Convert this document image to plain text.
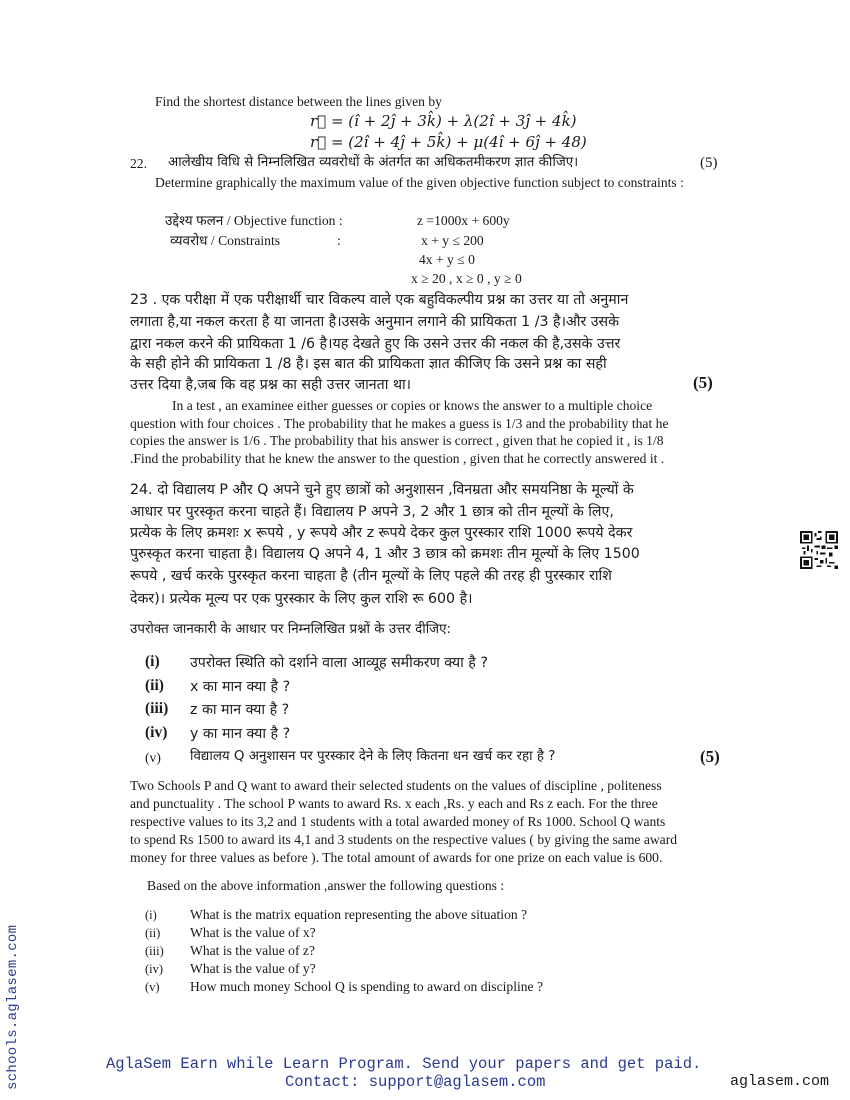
Find the shortest distance between the lines given by
r⃗ = (î + 2ĵ + 3k̂) + λ(2î + 3ĵ + 4k̂)
r⃗ = (2î + 4ĵ + 5k̂) + μ(4î + 6ĵ + 48)
22. आलेखीय विधि से निम्नलिखित व्यवरोधों के अंतर्गत का अधिकतमीकरण ज्ञात कीजिए।	(5)
Determine graphically the maximum value of the given objective function subject to constraints :
उद्देश्य फलन / Objective function :	z =1000x + 600y
व्यवरोध / Constraints	:	x + y ≤ 200
4x + y ≤ 0
x ≥ 20 , x ≥ 0 , y ≥ 0
23 . एक परीक्षा में एक परीक्षार्थी चार विकल्प वाले एक बहुविकल्पीय प्रश्न का उत्तर या तो अनुमान
लगाता है,या नकल करता है या जानता है।उसके अनुमान लगाने की प्रायिकता 1 /3 है।और उसके
द्वारा नकल करने की प्रायिकता 1 /6 है।यह देखते हुए कि उसने उत्तर की नकल की है,उसके उत्तर
के सही होने की प्रायिकता 1 /8 है। इस बात की प्रायिकता ज्ञात कीजिए कि उसने प्रश्न का सही
उत्तर दिया है,जब कि वह प्रश्न का सही उत्तर जानता था।	(5)
In a test , an examinee either guesses or copies or knows the answer to a multiple choice
question with four choices . The probability that he makes a guess is 1/3 and the probability that he
copies the answer is 1/6 . The probability that his answer is correct , given that he copied it , is 1/8
.Find the probability that he knew the answer to the question , given that he correctly answered it .
24. दो विद्यालय P और Q अपने चुने हुए छात्रों को अनुशासन ,विनम्रता और समयनिष्ठा के मूल्यों के
आधार पर पुरस्कृत करना चाहते हैं। विद्यालय P अपने 3, 2 और 1 छात्र को तीन मूल्यों के लिए,
प्रत्येक के लिए क्रमशः x रूपये , y रूपये और z रूपये देकर कुल पुरस्कार राशि 1000 रूपये देकर
पुरुस्कृत करना चाहता है। विद्यालय Q अपने 4, 1 और 3 छात्र को क्रमशः तीन मूल्यों के लिए 1500
रूपये , खर्च करके पुरस्कृत करना चाहता है (तीन मूल्यों के लिए पहले की तरह ही पुरस्कार राशि
देकर)। प्रत्येक मूल्य पर एक पुरस्कार के लिए कुल राशि रू 600 है।
उपरोक्त जानकारी के आधार पर निम्नलिखित प्रश्नों के उत्तर दीजिए:
(i) उपरोक्त स्थिति को दर्शाने वाला आव्यूह समीकरण क्या है ?
(ii) x का मान क्या है ?
(iii) z का मान क्या है ?
(iv) y का मान क्या है ?
(v) विद्यालय Q अनुशासन पर पुरस्कार देने के लिए कितना धन खर्च कर रहा है ?	(5)
Two Schools P and Q want to award their selected students on the values of discipline , politeness
and punctuality . The school P wants to award Rs. x each ,Rs. y each and Rs z each. For the three
respective values to its 3,2 and 1 students with a total awarded money of Rs 1000. School Q wants
to spend Rs 1500 to award its 4,1 and 3 students on the respective values ( by giving the same award
money for three values as before ). The total amount of awards for one prize on each value is 600.
Based on the above information ,answer the following questions :
(i) What is the matrix equation representing the above situation ?
(ii) What is the value of x?
(iii) What is the value of z?
(iv) What is the value of y?
(v) How much money School Q is spending to award on discipline ?
schools.aglasem.com	AglaSem Earn while Learn Program. Send your papers and get paid.
Contact: support@aglasem.com	aglasem.com
